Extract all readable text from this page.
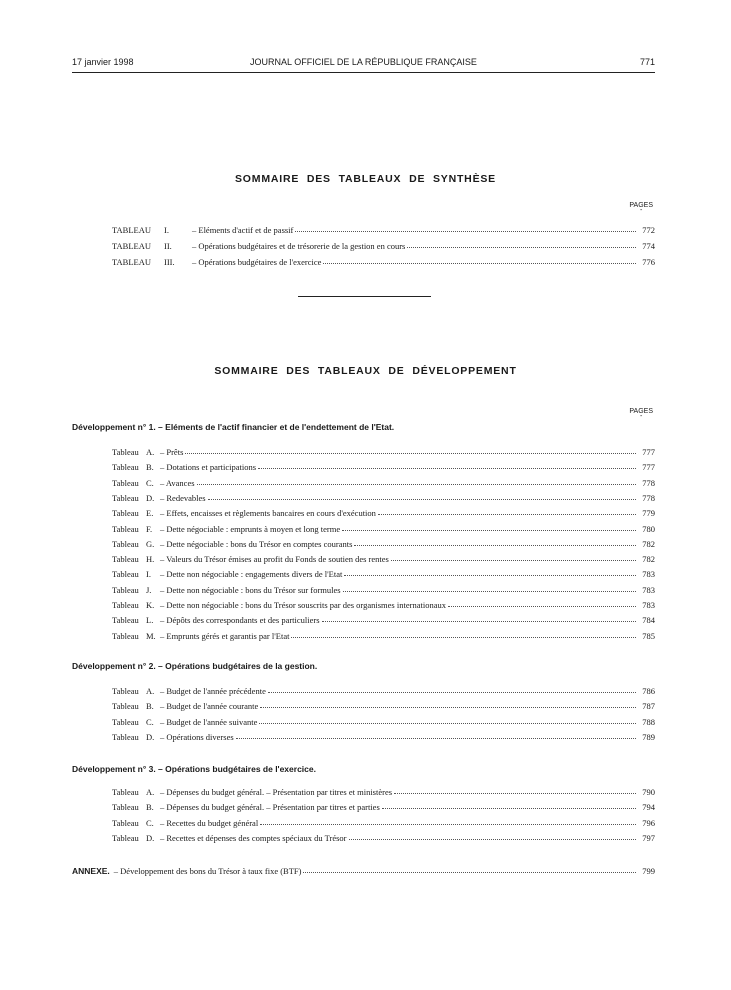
17 janvier 1998	JOURNAL OFFICIEL DE LA RÉPUBLIQUE FRANÇAISE	771
SOMMAIRE DES TABLEAUX DE SYNTHÈSE
PAGES
-
TABLEAU	I.	– Eléments d'actif et de passif	772
TABLEAU	II.	– Opérations budgétaires et de trésorerie de la gestion en cours	774
TABLEAU	III.	– Opérations budgétaires de l'exercice	776
SOMMAIRE DES TABLEAUX DE DÉVELOPPEMENT
PAGES
-
Développement n° 1. – Eléments de l'actif financier et de l'endettement de l'Etat.
Tableau A. – Prêts	777
Tableau B. – Dotations et participations	777
Tableau C. – Avances	778
Tableau D. – Redevables	778
Tableau E. – Effets, encaisses et règlements bancaires en cours d'exécution	779
Tableau F. – Dette négociable : emprunts à moyen et long terme	780
Tableau G. – Dette négociable : bons du Trésor en comptes courants	782
Tableau H. – Valeurs du Trésor émises au profit du Fonds de soutien des rentes	782
Tableau I.	– Dette non négociable : engagements divers de l'Etat	783
Tableau J.	– Dette non négociable : bons du Trésor sur formules	783
Tableau K. – Dette non négociable : bons du Trésor souscrits par des organismes internationaux	783
Tableau L. – Dépôts des correspondants et des particuliers	784
Tableau M. – Emprunts gérés et garantis par l'Etat	785
Développement n° 2. – Opérations budgétaires de la gestion.
Tableau A. – Budget de l'année précédente	786
Tableau B. – Budget de l'année courante	787
Tableau C. – Budget de l'année suivante	788
Tableau D. – Opérations diverses	789
Développement n° 3. – Opérations budgétaires de l'exercice.
Tableau A. – Dépenses du budget général. – Présentation par titres et ministères	790
Tableau B. – Dépenses du budget général. – Présentation par titres et parties	794
Tableau C. – Recettes du budget général	796
Tableau D. – Recettes et dépenses des comptes spéciaux du Trésor	797
ANNEXE. – Développement des bons du Trésor à taux fixe (BTF)	799
